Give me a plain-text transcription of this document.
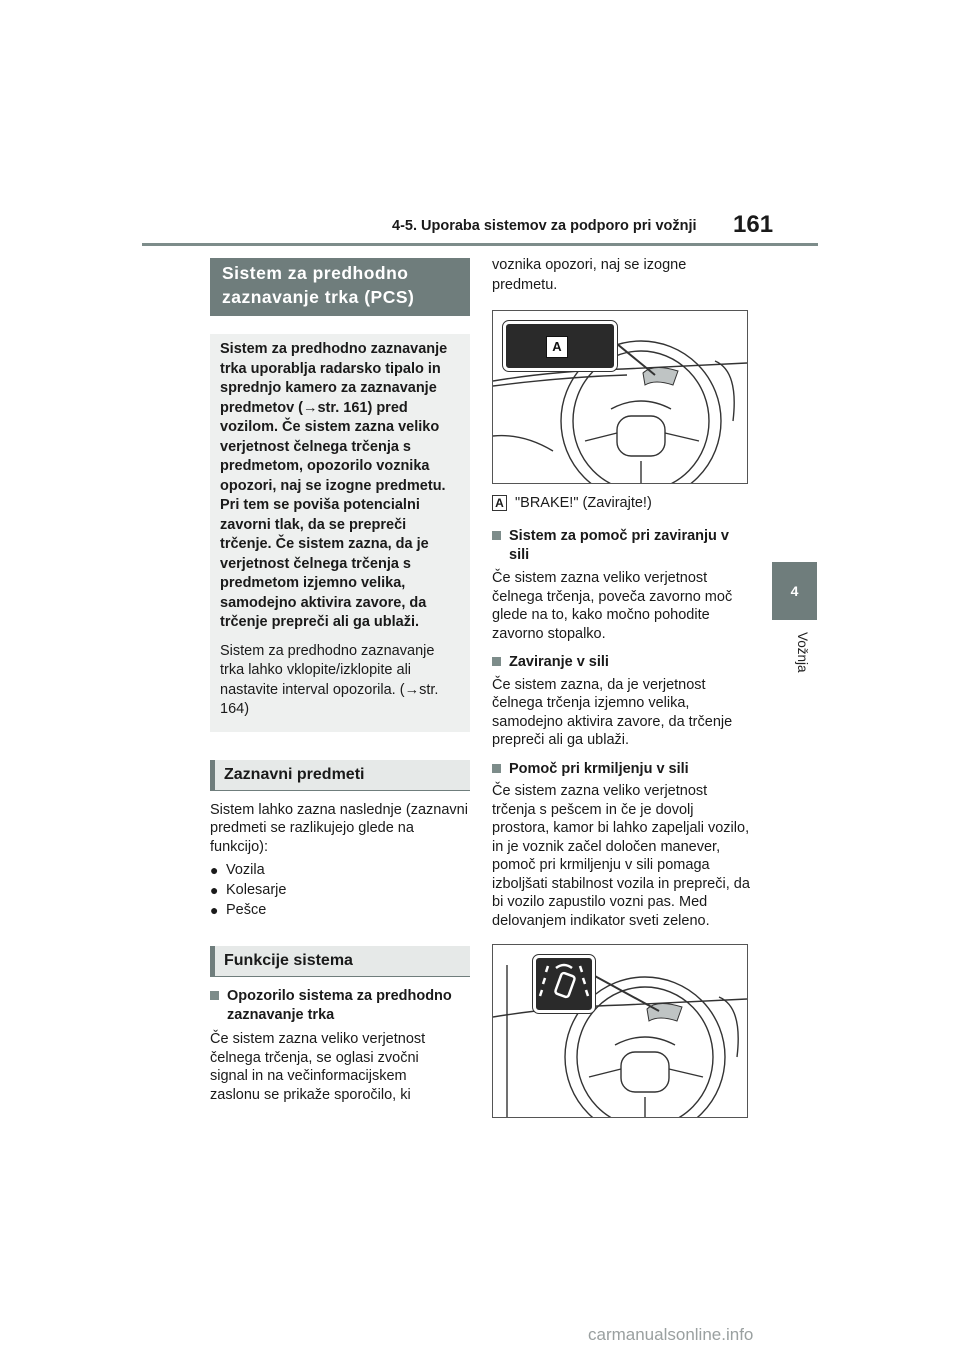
4-5. Uporaba sistemov za podporo pri vožnji 161
4
Vožnja
Sistem za predhodno
zaznavanje trka (PCS)

Sistem za predhodno zaznavanje trka uporablja radarsko tipalo in sprednjo kamero za zaznavanje predmetov (→str. 161) pred vozilom. Če sistem zazna veliko verjetnost čelnega trčenja s predmetom, opozorilo voznika opozori, naj se izogne predmetu. Pri tem se poviša potencialni zavorni tlak, da se prepreči trčenje. Če sistem zazna, da je verjetnost čelnega trčenja s predmetom izjemno velika, samodejno aktivira zavore, da trčenje prepreči ali ga ublaži.

Sistem za predhodno zaznavanje trka lahko vklopite/izklopite ali nastavite interval opozorila. (→str. 164)

Zaznavni predmeti

Sistem lahko zazna naslednje (zaznavni predmeti se razlikujejo glede na funkcijo):

● Vozila
● Kolesarje
● Pešce
Funkcije sistema
Opozorilo sistema za predhodno zaznavanje trka

Če sistem zazna veliko verjetnost čelnega trčenja, se oglasi zvočni signal in na večinformacijskem zaslonu se prikaže sporočilo, ki

voznika opozori, naj se izogne predmetu.

A
A "BRAKE!" (Zavirajte!)
Sistem za pomoč pri zaviranju v sili

Če sistem zazna veliko verjetnost čelnega trčenja, poveča zavorno moč glede na to, kako močno pohodite zavorno stopalko.

Zaviranje v sili

Če sistem zazna, da je verjetnost čelnega trčenja izjemno velika, samodejno aktivira zavore, da trčenje prepreči ali ga ublaži.

Pomoč pri krmiljenju v sili

Če sistem zazna veliko verjetnost trčenja s pešcem in če je dovolj prostora, kamor bi lahko zapeljali vozilo, in je voznik začel določen manever, pomoč pri krmiljenju v sili pomaga izboljšati stabilnost vozila in prepreči, da bi vozilo zapustilo vozni pas. Med delovanjem indikator sveti zeleno.

carmanualsonline.info
